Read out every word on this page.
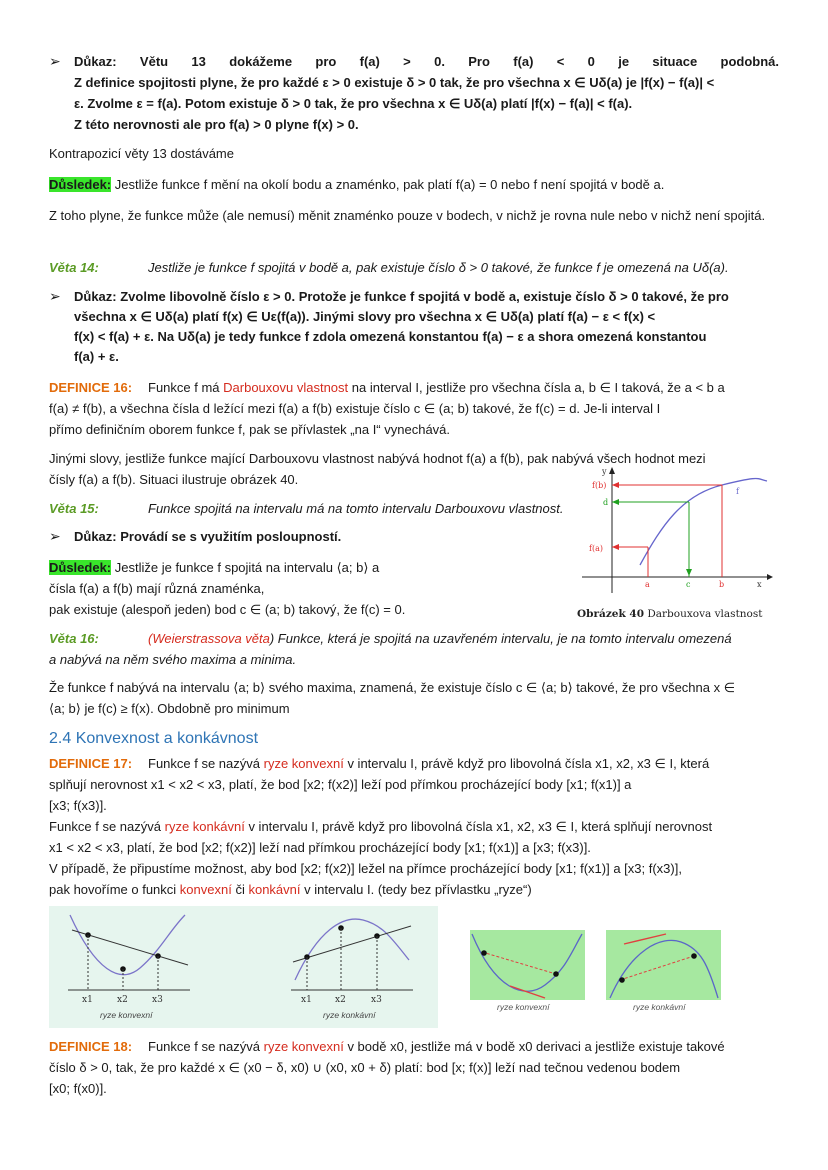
➢ Důkaz: Větu 13 dokážeme pro f(a) > 0. Pro f(a) < 0 je situace podobná.

Z definice spojitosti plyne, že pro každé ε > 0 existuje δ > 0 tak, že pro všechna x ∈ Uδ(a) je |f(x) − f(a)| <

ε. Zvolme ε = f(a). Potom existuje δ > 0 tak, že pro všechna x ∈ Uδ(a) platí |f(x) − f(a)| < f(a).

Z této nerovnosti ale pro f(a) > 0 plyne f(x) > 0.

Kontrapozicí věty 13 dostáváme

Důsledek: Jestliže funkce f mění na okolí bodu a znaménko, pak platí f(a) = 0 nebo f není spojitá v bodě a.

Z toho plyne, že funkce může (ale nemusí) měnit znaménko pouze v bodech, v nichž je rovna nule nebo v nichž není spojitá.

Věta 14:	Jestliže je funkce f spojitá v bodě a, pak existuje číslo δ > 0 takové, že funkce f je omezená na Uδ(a).

➢ Důkaz: Zvolme libovolně číslo ε > 0. Protože je funkce f spojitá v bodě a, existuje číslo δ > 0 takové, že pro

všechna x ∈ Uδ(a) platí f(x) ∈ Uε(f(a)). Jinými slovy pro všechna x ∈ Uδ(a) platí f(a) − ε < f(x) <

f(x) < f(a) + ε. Na Uδ(a) je tedy funkce f zdola omezená konstantou f(a) − ε a shora omezená konstantou

f(a) + ε.

DEFINICE 16: Funkce f má Darbouxovu vlastnost na interval I, jestliže pro všechna čísla a, b ∈ I taková, že a < b a

f(a) ≠ f(b), a všechna čísla d ležící mezi f(a) a f(b) existuje číslo c ∈ (a; b) takové, že f(c) = d. Je-li interval I

přímo definičním oborem funkce f, pak se přívlastek „na I“ vynechává.

Jinými slovy, jestliže funkce mající Darbouxovu vlastnost nabývá hodnot f(a) a f(b), pak nabývá všech hodnot mezi

čísly f(a) a f(b). Situaci ilustruje obrázek 40.

Věta 15:	Funkce spojitá na intervalu má na tomto intervalu Darbouxovu vlastnost.

➢ Důkaz: Provádí se s využitím posloupností.

Důsledek: Jestliže je funkce f spojitá na intervalu ⟨a; b⟩ a

čísla f(a) a f(b) mají různá znaménka,

pak existuje (alespoň jeden) bod c ∈ (a; b) takový, že f(c) = 0.

y
f(b)
d
f(a)
a	c	b	x
f
Obrázek 40 Darbouxova vlastnost

Věta 16:	(Weierstrassova věta) Funkce, která je spojitá na uzavřeném intervalu, je na tomto intervalu omezená

a nabývá na něm svého maxima a minima.

Že funkce f nabývá na intervalu ⟨a; b⟩ svého maxima, znamená, že existuje číslo c ∈ ⟨a; b⟩ takové, že pro všechna x ∈

⟨a; b⟩ je f(c) ≥ f(x). Obdobně pro minimum

2.4 Konvexnost a konkávnost

DEFINICE 17: Funkce f se nazývá ryze konvexní v intervalu I, právě když pro libovolná čísla x1, x2, x3 ∈ I, která

splňují nerovnost x1 < x2 < x3, platí, že bod [x2; f(x2)] leží pod přímkou procházející body [x1; f(x1)] a

[x3; f(x3)].

Funkce f se nazývá ryze konkávní v intervalu I, právě když pro libovolná čísla x1, x2, x3 ∈ I, která splňují nerovnost

x1 < x2 < x3, platí, že bod [x2; f(x2)] leží nad přímkou procházející body [x1; f(x1)] a [x3; f(x3)].

V případě, že připustíme možnost, aby bod [x2; f(x2)] ležel na přímce procházející body [x1; f(x1)] a [x3; f(x3)],

pak hovoříme o funkci konvexní či konkávní v intervalu I. (tedy bez přívlastku „ryze“)

x1	x2	x3
ryze konvexní
x1	x2	x3
ryze konkávní
ryze konvexní	ryze konkávní

DEFINICE 18: Funkce f se nazývá ryze konvexní v bodě x0, jestliže má v bodě x0 derivaci a jestliže existuje takové

číslo δ > 0, tak, že pro každé x ∈ (x0 − δ, x0) ∪ (x0, x0 + δ) platí: bod [x; f(x)] leží nad tečnou vedenou bodem

[x0; f(x0)].
